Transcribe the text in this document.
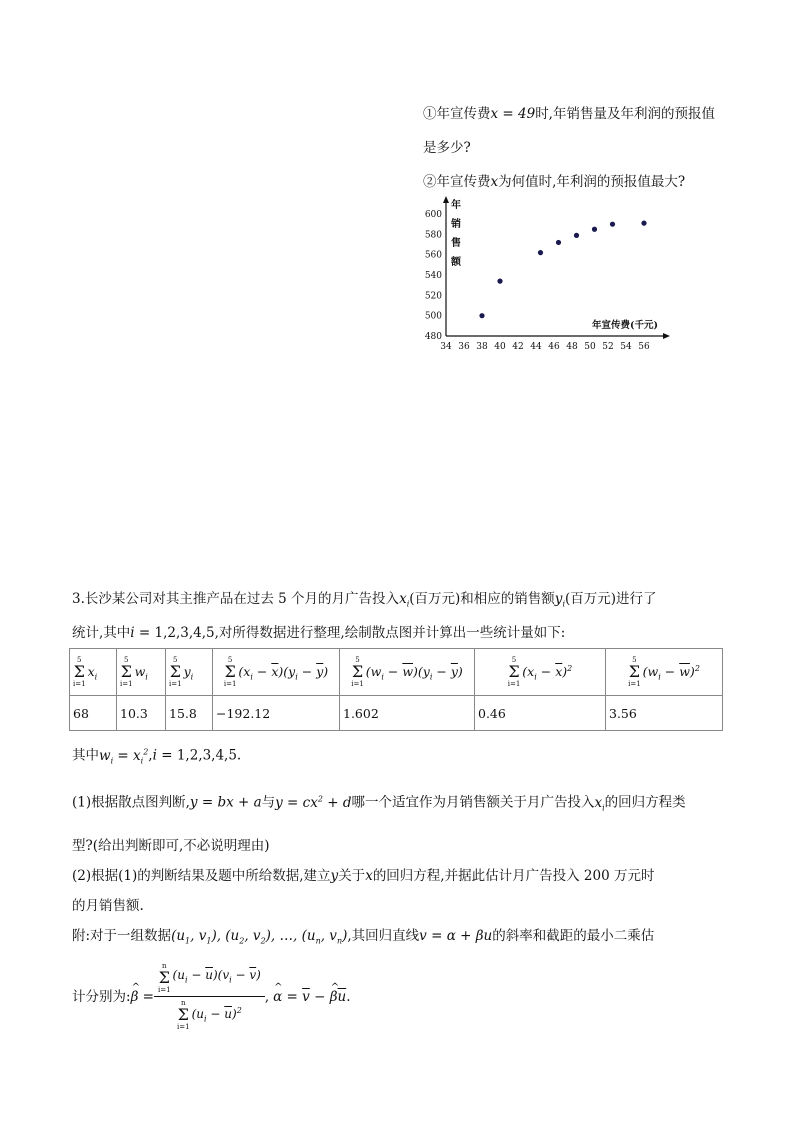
①年宣传费x = 49时,年销售量及年利润的预报值

是多少?

②年宣传费x为何值时,年利润的预报值最大?

480
500
520
540
560
580
600
34 36 38 40 42 44 46 48 50 52 54 56
年
销
售
额
年宣传费(千元)

3.长沙某公司对其主推产品在过去 5 个月的月广告投入$x_i$(百万元)和相应的销售额$y_i$(百万元)进行了

统计,其中i = 1,2,3,4,5,对所得数据进行整理,绘制散点图并计算出一些统计量如下:

5
Σ
i=1
$x_i$	5
Σ
i=1
$w_i$	5
Σ
i=1
$y_i$	5
Σ
i=1
$(x_i - \overline{x})(y_i - \overline{y})$	5
Σ
i=1
$(w_i - \overline{w})(y_i - \overline{y})$	5
Σ
i=1
$(x_i - \overline{x})^2$	5
Σ
i=1
$(w_i - \overline{w})^2$
68	10.3	15.8	−192.12	1.602	0.46	3.56

其中$w_i = x_i^2,i = 1,2,3,4,5$.

(1)根据散点图判断,y = bx + a与$y = cx^2 + d$哪一个适宜作为月销售额关于月广告投入$x_i$的回归方程类

型?(给出判断即可,不必说明理由)

(2)根据(1)的判断结果及题中所给数据,建立y关于x的回归方程,并据此估计月广告投入 200 万元时

的月销售额.

附:对于一组数据($u_1$, $v_1$), ($u_2$, $v_2$), …, ($u_n$, $v_n$),其回归直线v = α + βu的斜率和截距的最小二乘估

计分别为: ^ β = n
Σ
i=1
$(u_i - \overline{u})(v_i - \overline{v})$
n
Σ
i=1
$(u_i - \overline{u})^2$ , ^ $\alpha = \overline{v}$ − ^ $\beta\overline{u}$ .
